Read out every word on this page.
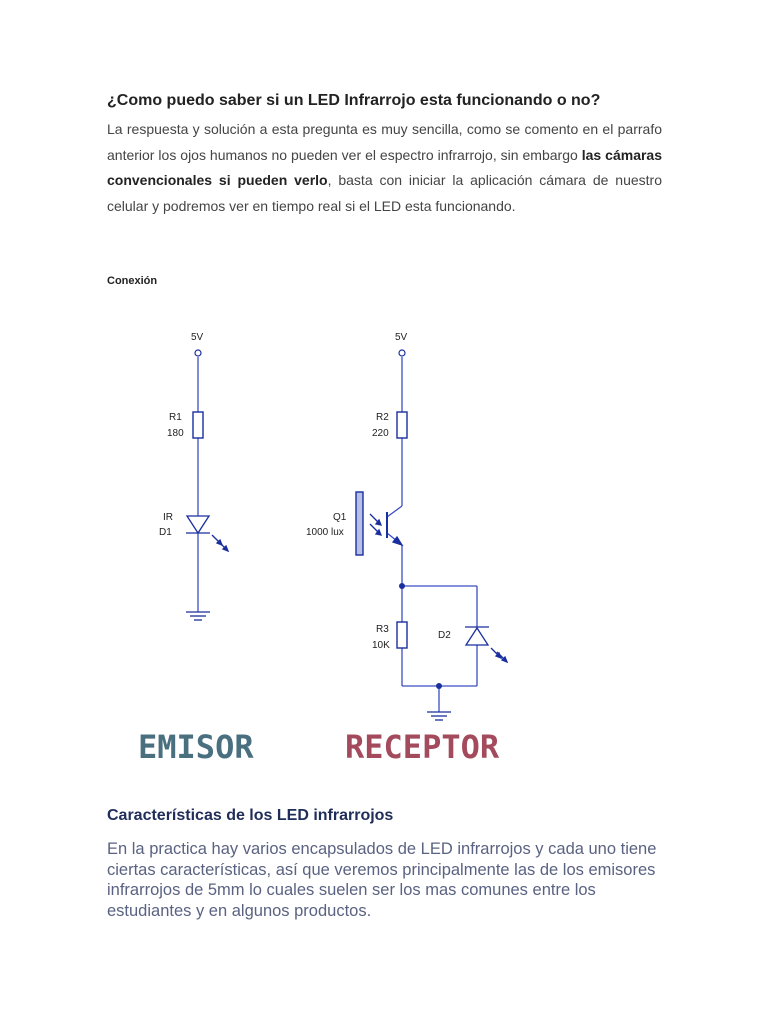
¿Como puedo saber si un LED Infrarrojo esta funcionando o no?

La respuesta y solución a esta pregunta es muy sencilla, como se comento en el parrafo anterior los ojos humanos no pueden ver el espectro infrarrojo, sin embargo las cámaras convencionales si pueden verlo, basta con iniciar la aplicación cámara de nuestro celular y podremos ver en tiempo real si el LED esta funcionando.

Conexión

5V
R1
180
IR
D1
5V
R2
220
Q1
1000 lux
R3
10K
D2

EMISOR	RECEPTOR

Características de los LED infrarrojos

En la practica hay varios encapsulados de LED infrarrojos y cada uno tiene ciertas características, así que veremos principalmente las de los emisores infrarrojos de 5mm lo cuales suelen ser los mas comunes entre los estudiantes y en algunos productos.
